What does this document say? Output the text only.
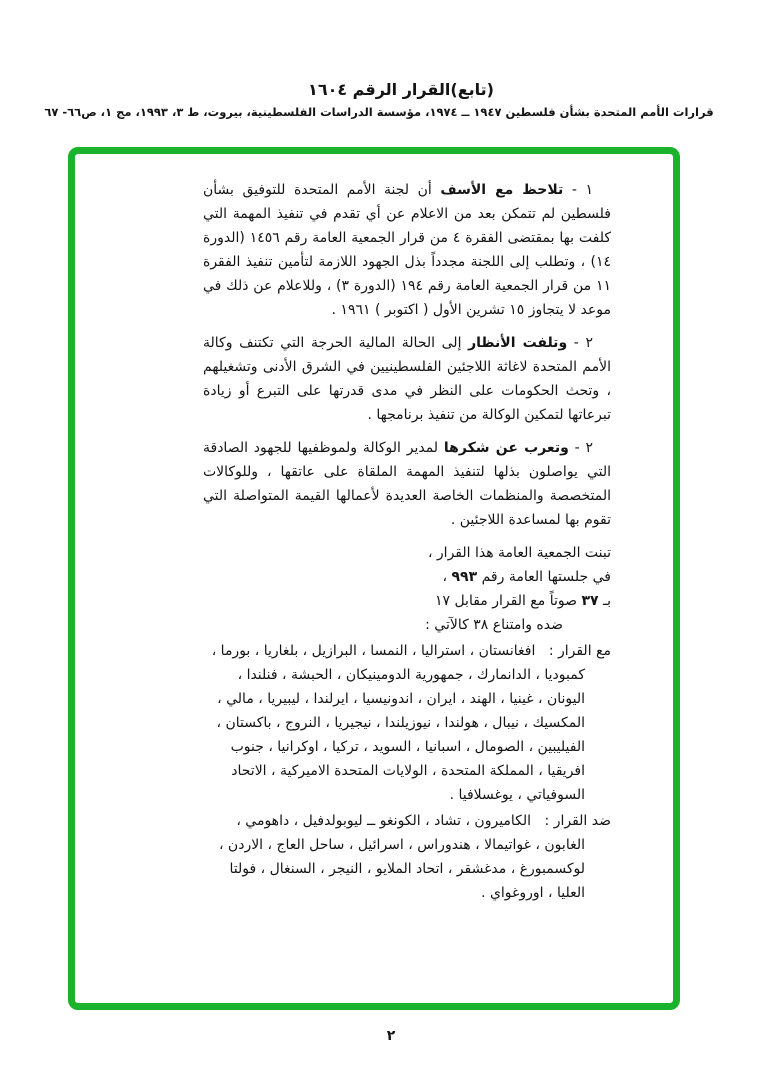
(تابع)القرار الرقم ١٦٠٤
قرارات الأمم المتحدة بشأن فلسطين ١٩٤٧ ــ ١٩٧٤، مؤسسة الدراسات الفلسطينية، بيروت، ط ٣، ١٩٩٣، مج ١، ص٦٦- ٦٧

١ - تلاحظ مع الأسف أن لجنة الأمم المتحدة للتوفيق بشأن فلسطين لم تتمكن بعد من الاعلام عن أي تقدم في تنفيذ المهمة التي كلفت بها بمقتضى الفقرة ٤ من قرار الجمعية العامة رقم ١٤٥٦ (الدورة ١٤) ، وتطلب إلى اللجنة مجدداً بذل الجهود اللازمة لتأمين تنفيذ الفقرة ١١ من قرار الجمعية العامة رقم ١٩٤ (الدورة ٣) ، وللاعلام عن ذلك في موعد لا يتجاوز ١٥ تشرين الأول ( اكتوبر ) ١٩٦١ .

٢ - وتلفت الأنظار إلى الحالة المالية الحرجة التي تكتنف وكالة الأمم المتحدة لاغاثة اللاجئين الفلسطينيين في الشرق الأدنى وتشغيلهم ، وتحث الحكومات على النظر في مدى قدرتها على التبرع أو زيادة تبرعاتها لتمكين الوكالة من تنفيذ برنامجها .

٢ - وتعرب عن شكرها لمدير الوكالة ولموظفيها للجهود الصادقة التي يواصلون بذلها لتنفيذ المهمة الملقاة على عاتقها ، وللوكالات المتخصصة والمنظمات الخاصة العديدة لأعمالها القيمة المتواصلة التي تقوم بها لمساعدة اللاجئين .

تبنت الجمعية العامة هذا القرار ،
في جلستها العامة رقم ٩٩٣ ،
بـ ٣٧ صوتاً مع القرار مقابل ١٧
ضده وامتناع ٣٨ كالآتي :

مع القرار : افغانستان ، استراليا ، النمسا ، البرازيل ، بلغاريا ، بورما ، كمبوديا ، الدانمارك ، جمهورية الدومينيكان ، الحبشة ، فنلندا ، اليونان ، غينيا ، الهند ، ايران ، اندونيسيا ، ايرلندا ، ليبيريا ، مالي ، المكسيك ، نيبال ، هولندا ، نيوزيلندا ، نيجيريا ، النروج ، باكستان ، الفيليبين ، الصومال ، اسبانيا ، السويد ، تركيا ، اوكرانيا ، جنوب افريقيا ، المملكة المتحدة ، الولايات المتحدة الاميركية ، الاتحاد السوفياتي ، يوغسلافيا .

ضد القرار : الكاميرون ، تشاد ، الكونغو ــ ليوبولدفيل ، داهومي ، الغابون ، غواتيمالا ، هندوراس ، اسرائيل ، ساحل العاج ، الاردن ، لوكسمبورغ ، مدغشقر ، اتحاد الملايو ، النيجر ، السنغال ، فولتا العليا ، اوروغواي .

٢
